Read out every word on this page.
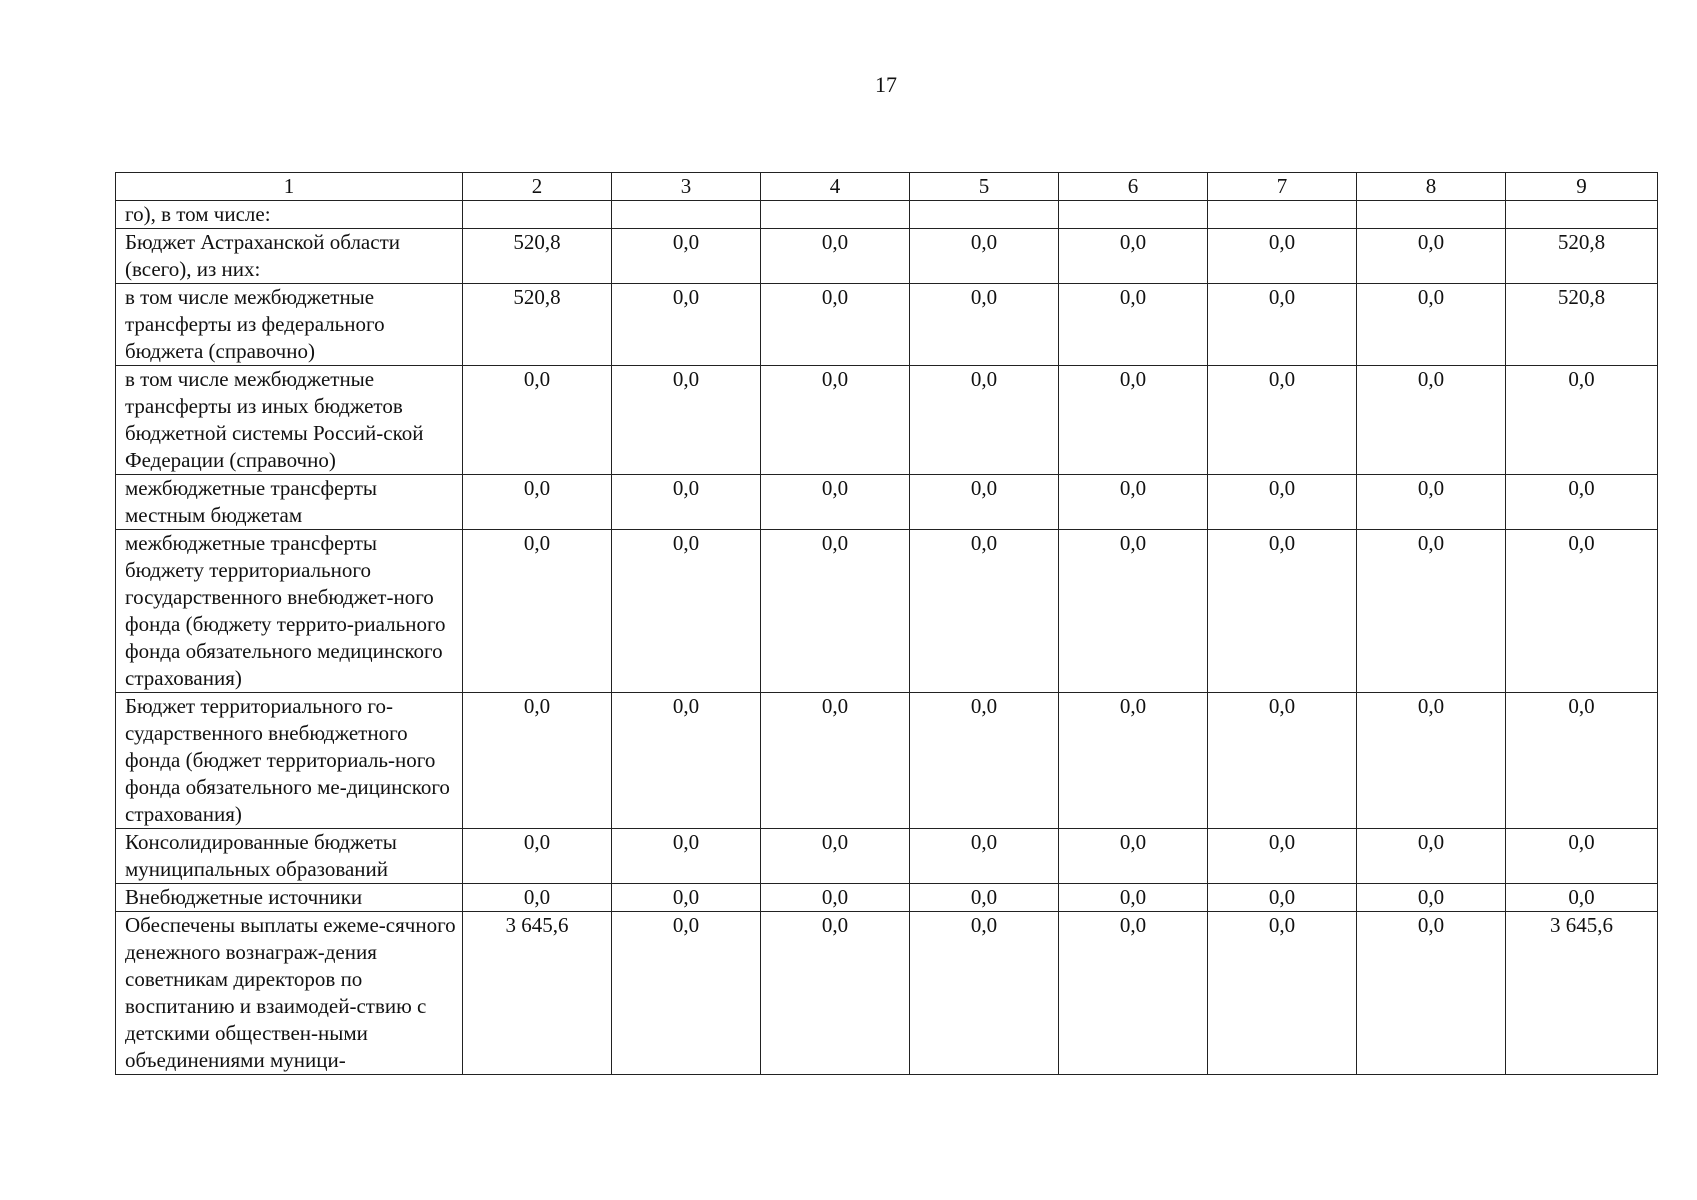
17
1	2	3	4	5	6	7	8	9
го), в том числе:								
Бюджет Астраханской области (всего), из них:	520,8	0,0	0,0	0,0	0,0	0,0	0,0	520,8
в том числе межбюджетные трансферты из федерального бюджета (справочно)	520,8	0,0	0,0	0,0	0,0	0,0	0,0	520,8
в том числе межбюджетные трансферты из иных бюджетов бюджетной системы Россий-ской Федерации (справочно)	0,0	0,0	0,0	0,0	0,0	0,0	0,0	0,0
межбюджетные трансферты местным бюджетам	0,0	0,0	0,0	0,0	0,0	0,0	0,0	0,0
межбюджетные трансферты бюджету территориального государственного внебюджет-ного фонда (бюджету террито-риального фонда обязательного медицинского страхования)	0,0	0,0	0,0	0,0	0,0	0,0	0,0	0,0
Бюджет территориального го-сударственного внебюджетного фонда (бюджет территориаль-ного фонда обязательного ме-дицинского страхования)	0,0	0,0	0,0	0,0	0,0	0,0	0,0	0,0
Консолидированные бюджеты муниципальных образований	0,0	0,0	0,0	0,0	0,0	0,0	0,0	0,0
Внебюджетные источники	0,0	0,0	0,0	0,0	0,0	0,0	0,0	0,0
Обеспечены выплаты ежеме-сячного денежного вознаграж-дения советникам директоров по воспитанию и взаимодей-ствию с детскими обществен-ными объединениями муници-	3 645,6	0,0	0,0	0,0	0,0	0,0	0,0	3 645,6
